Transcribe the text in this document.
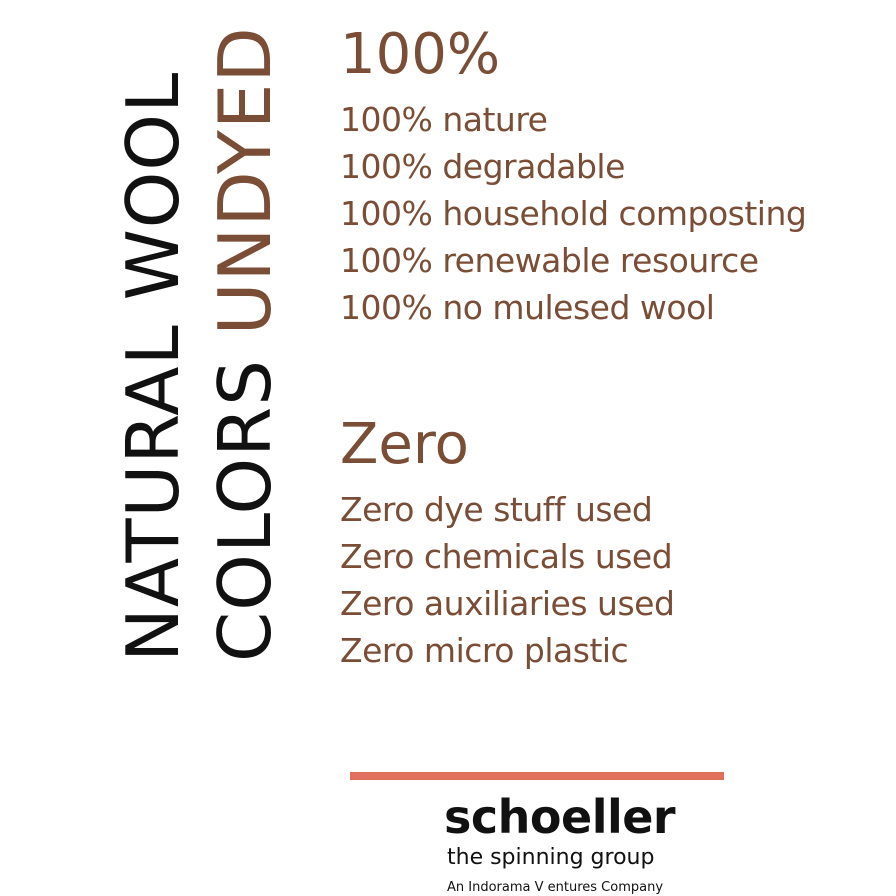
NATURAL WOOL COLORS UNDYED 100%
100% nature
100% degradable
100% household composting
100% renewable resource
100% no mulesed wool
Zero
Zero dye stuff used
Zero chemicals used
Zero auxiliaries used
Zero micro plastic
schoeller
the spinning group
An Indorama V entures Company
